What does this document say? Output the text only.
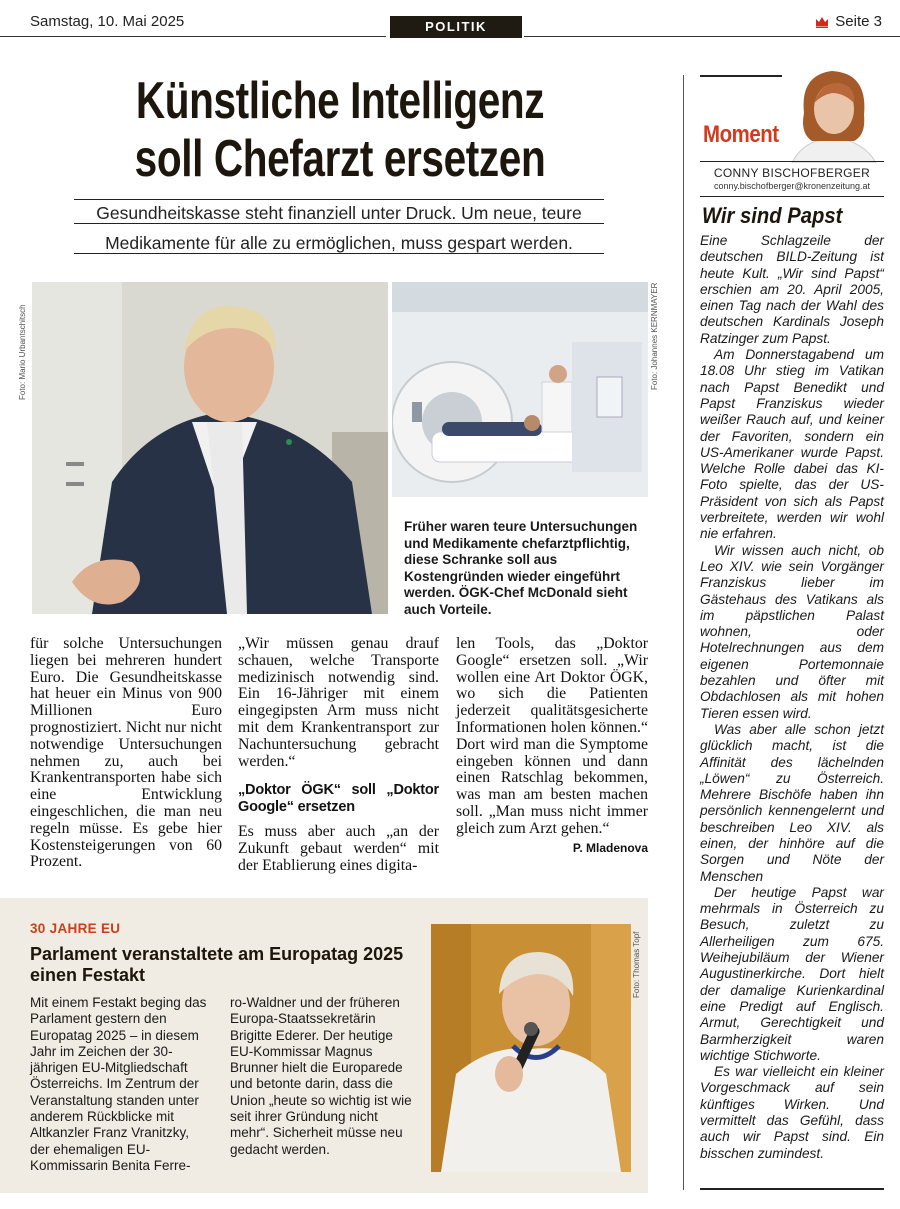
Samstag, 10. Mai 2025	POLITIK	Seite 3
Künstliche Intelligenz
soll Chefarzt ersetzen
Gesundheitskasse steht finanziell unter Druck. Um neue, teure
Medikamente für alle zu ermöglichen, muss gespart werden.
Foto: Mario Urbantschitsch	Foto: Johannes KERNMAYER
Früher waren teure Untersuchungen und Medikamente chefarztpflichtig, diese Schranke soll aus Kostengründen wieder eingeführt werden. ÖGK-Chef McDonald sieht auch Vorteile.

für solche Untersuchungen liegen bei mehreren hundert Euro. Die Gesundheitskasse hat heuer ein Minus von 900 Millionen Euro prognostiziert. Nicht nur nicht notwendige Untersuchungen nehmen zu, auch bei Krankentransporten habe sich eine Entwicklung eingeschlichen, die man neu regeln müsse. Es gebe hier Kostensteigerungen von 60 Prozent.

„Wir müssen genau drauf schauen, welche Transporte medizinisch notwendig sind. Ein 16-Jähriger mit einem eingegipsten Arm muss nicht mit dem Krankentransport zur Nachuntersuchung gebracht werden.“

„Doktor ÖGK“ soll „Doktor Google“ ersetzen

Es muss aber auch „an der Zukunft gebaut werden“ mit der Etablierung eines digita-

len Tools, das „Doktor Google“ ersetzen soll. „Wir wollen eine Art Doktor ÖGK, wo sich die Patienten jederzeit qualitätsgesicherte Informationen holen können.“ Dort wird man die Symptome eingeben können und dann einen Ratschlag bekommen, was man am besten machen soll. „Man muss nicht immer gleich zum Arzt gehen.“
P. Mladenova

30 JAHRE EU
Parlament veranstaltete am Europatag 2025 einen Festakt
Mit einem Festakt beging das Parlament gestern den Europatag 2025 – in diesem Jahr im Zeichen der 30-jährigen EU-Mitgliedschaft Österreichs. Im Zentrum der Veranstaltung standen unter anderem Rückblicke mit Altkanzler Franz Vranitzky, der ehemaligen EU-Kommissarin Benita Ferre-
ro-Waldner und der früheren Europa-Staatssekretärin Brigitte Ederer. Der heutige EU-Kommissar Magnus Brunner hielt die Europarede und betonte darin, dass die Union „heute so wichtig ist wie seit ihrer Gründung nicht mehr“. Sicherheit müsse neu gedacht werden.
Foto: Thomas Topf
Moment
CONNY BISCHOFBERGER
conny.bischofberger@kronenzeitung.at
Wir sind Papst

Eine Schlagzeile der deutschen BILD-Zeitung ist heute Kult. „Wir sind Papst“ erschien am 20. April 2005, einen Tag nach der Wahl des deutschen Kardinals Joseph Ratzinger zum Papst.

Am Donnerstagabend um 18.08 Uhr stieg im Vatikan nach Papst Benedikt und Papst Franziskus wieder weißer Rauch auf, und keiner der Favoriten, sondern ein US-Amerikaner wurde Papst. Welche Rolle dabei das KI-Foto spielte, das der US-Präsident von sich als Papst verbreitete, werden wir wohl nie erfahren.

Wir wissen auch nicht, ob Leo XIV. wie sein Vorgänger Franziskus lieber im Gästehaus des Vatikans als im päpstlichen Palast wohnen, oder Hotelrechnungen aus dem eigenen Portemonnaie bezahlen und öfter mit Obdachlosen als mit hohen Tieren essen wird.

Was aber alle schon jetzt glücklich macht, ist die Affinität des lächelnden „Löwen“ zu Österreich. Mehrere Bischöfe haben ihn persönlich kennengelernt und beschreiben Leo XIV. als einen, der hinhöre auf die Sorgen und Nöte der Menschen

Der heutige Papst war mehrmals in Österreich zu Besuch, zuletzt zu Allerheiligen zum 675. Weihejubiläum der Wiener Augustinerkirche. Dort hielt der damalige Kurienkardinal eine Predigt auf Englisch. Armut, Gerechtigkeit und Barmherzigkeit waren wichtige Stichworte.

Es war vielleicht ein kleiner Vorgeschmack auf sein künftiges Wirken. Und vermittelt das Gefühl, dass auch wir Papst sind. Ein bisschen zumindest.
